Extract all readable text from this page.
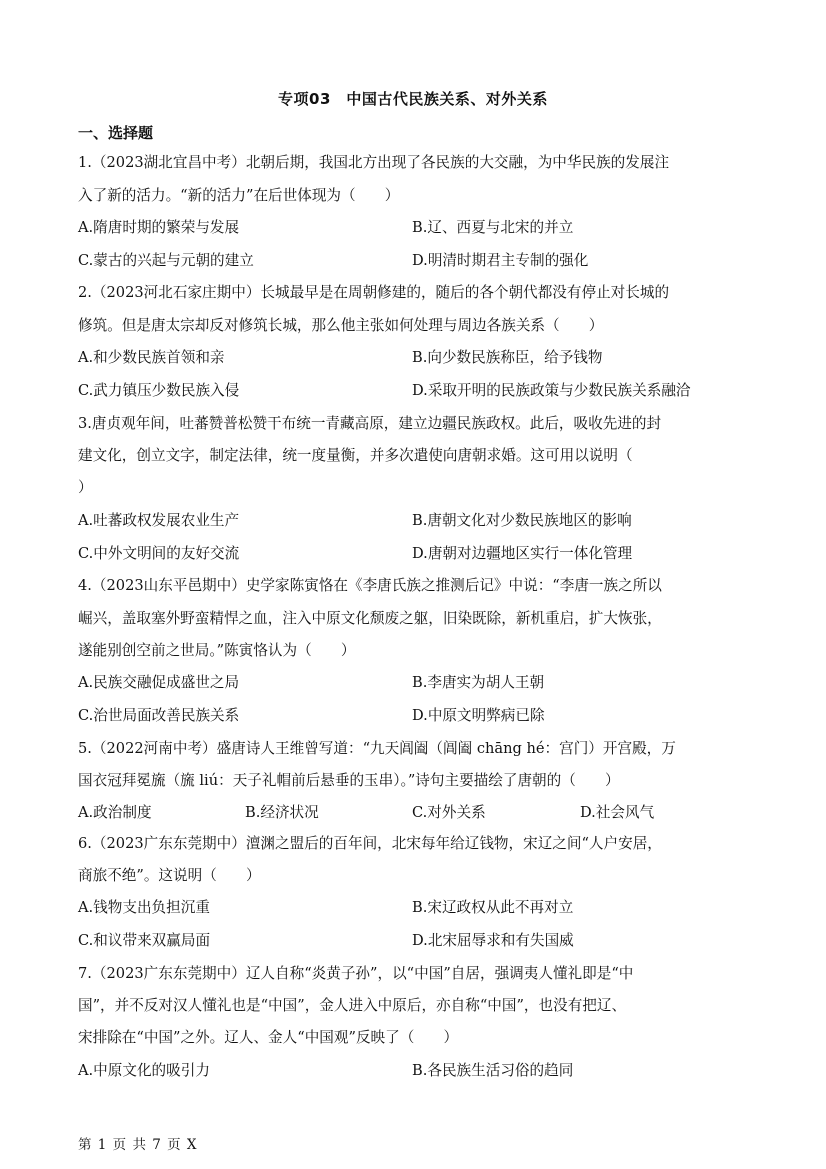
专项03　中国古代民族关系、对外关系
一、选择题
1.（2023湖北宜昌中考）北朝后期，我国北方出现了各民族的大交融，为中华民族的发展注
入了新的活力。“新的活力”在后世体现为（　　）
A.隋唐时期的繁荣与发展	B.辽、西夏与北宋的并立
C.蒙古的兴起与元朝的建立	D.明清时期君主专制的强化
2.（2023河北石家庄期中）长城最早是在周朝修建的，随后的各个朝代都没有停止对长城的
修筑。但是唐太宗却反对修筑长城，那么他主张如何处理与周边各族关系（　　）
A.和少数民族首领和亲	B.向少数民族称臣，给予钱物
C.武力镇压少数民族入侵	D.采取开明的民族政策与少数民族关系融洽
3.唐贞观年间，吐蕃赞普松赞干布统一青藏高原，建立边疆民族政权。此后，吸收先进的封
建文化，创立文字，制定法律，统一度量衡，并多次遣使向唐朝求婚。这可用以说明（
）
A.吐蕃政权发展农业生产	B.唐朝文化对少数民族地区的影响
C.中外文明间的友好交流	D.唐朝对边疆地区实行一体化管理
4.（2023山东平邑期中）史学家陈寅恪在《李唐氏族之推测后记》中说：“李唐一族之所以
崛兴，盖取塞外野蛮精悍之血，注入中原文化颓废之躯，旧染既除，新机重启，扩大恢张，
遂能别创空前之世局。”陈寅恪认为（　　）
A.民族交融促成盛世之局	B.李唐实为胡人王朝
C.治世局面改善民族关系	D.中原文明弊病已除
5.（2022河南中考）盛唐诗人王维曾写道：“九天阊阖（阊阖 chāng hé：宫门）开宫殿，万
国衣冠拜冕旒（旒 liú：天子礼帽前后悬垂的玉串）。”诗句主要描绘了唐朝的（　　）
A.政治制度	B.经济状况	C.对外关系	D.社会风气
6.（2023广东东莞期中）澶渊之盟后的百年间，北宋每年给辽钱物，宋辽之间“人户安居，
商旅不绝”。这说明（　　）
A.钱物支出负担沉重	B.宋辽政权从此不再对立
C.和议带来双赢局面	D.北宋屈辱求和有失国威
7.（2023广东东莞期中）辽人自称“炎黄子孙”，以“中国”自居，强调夷人懂礼即是“中
国”，并不反对汉人懂礼也是“中国”，金人进入中原后，亦自称“中国”，也没有把辽、
宋排除在“中国”之外。辽人、金人“中国观”反映了（　　）
A.中原文化的吸引力	B.各民族生活习俗的趋同
第 1 页 共 7 页 X
